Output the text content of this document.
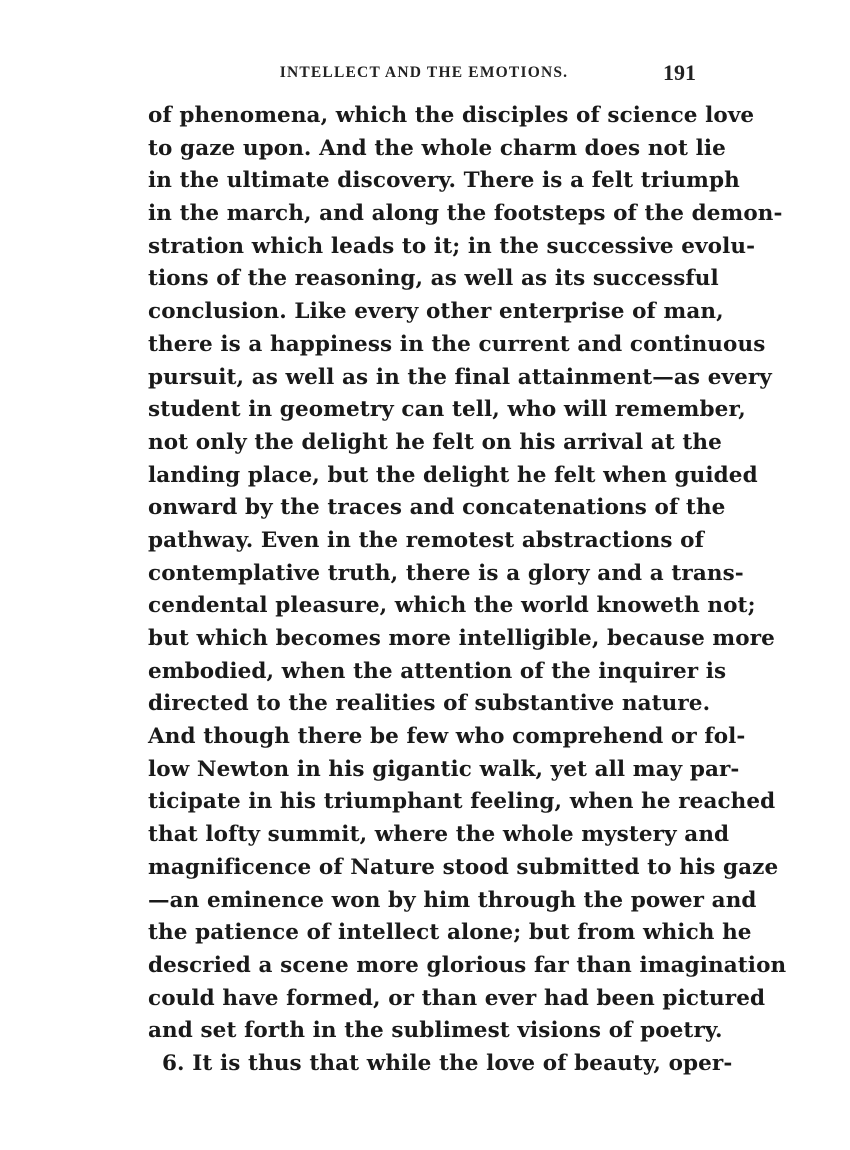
INTELLECT AND THE EMOTIONS.	191
of phenomena, which the disciples of science love
to gaze upon. And the whole charm does not lie
in the ultimate discovery. There is a felt triumph
in the march, and along the footsteps of the demon-
stration which leads to it; in the successive evolu-
tions of the reasoning, as well as its successful
conclusion. Like every other enterprise of man,
there is a happiness in the current and continuous
pursuit, as well as in the final attainment—as every
student in geometry can tell, who will remember,
not only the delight he felt on his arrival at the
landing place, but the delight he felt when guided
onward by the traces and concatenations of the
pathway. Even in the remotest abstractions of
contemplative truth, there is a glory and a trans-
cendental pleasure, which the world knoweth not;
but which becomes more intelligible, because more
embodied, when the attention of the inquirer is
directed to the realities of substantive nature.
And though there be few who comprehend or fol-
low Newton in his gigantic walk, yet all may par-
ticipate in his triumphant feeling, when he reached
that lofty summit, where the whole mystery and
magnificence of Nature stood submitted to his gaze
—an eminence won by him through the power and
the patience of intellect alone; but from which he
descried a scene more glorious far than imagination
could have formed, or than ever had been pictured
and set forth in the sublimest visions of poetry.
6. It is thus that while the love of beauty, oper-
